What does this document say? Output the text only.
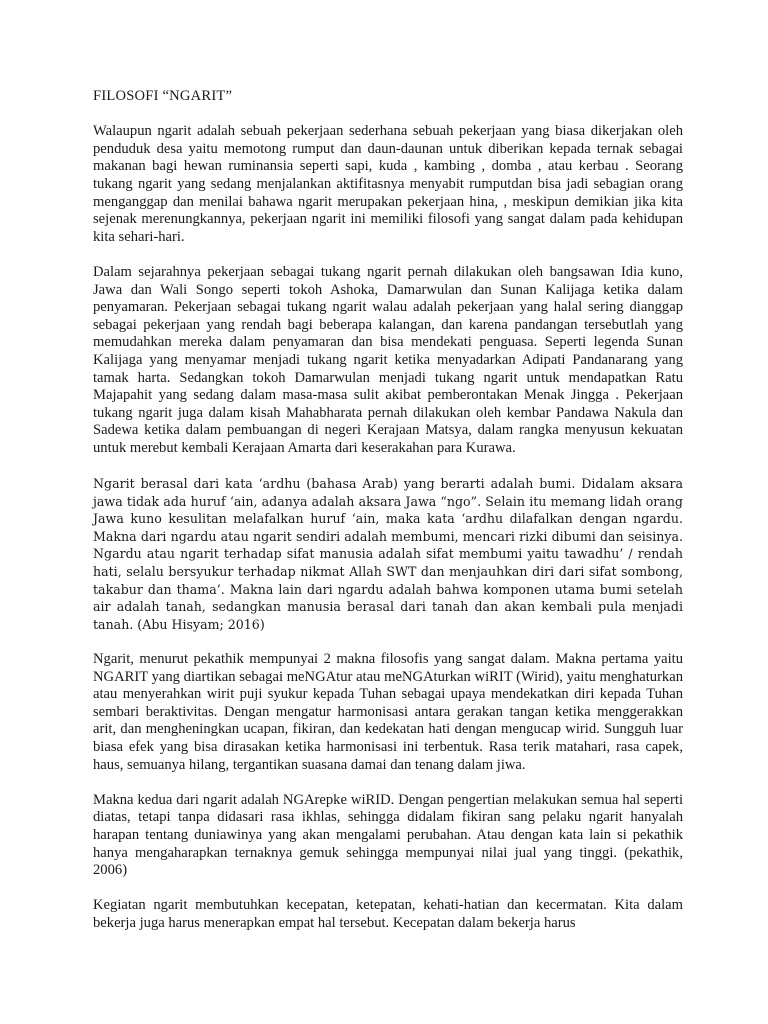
FILOSOFI “NGARIT”

Walaupun ngarit adalah sebuah pekerjaan sederhana sebuah pekerjaan yang biasa dikerjakan oleh penduduk desa yaitu memotong rumput dan daun-daunan untuk diberikan kepada ternak sebagai makanan bagi hewan ruminansia seperti sapi, kuda , kambing , domba , atau kerbau . Seorang tukang ngarit yang sedang menjalankan aktifitasnya menyabit rumputdan bisa jadi sebagian orang menganggap dan menilai bahawa ngarit merupakan pekerjaan hina, , meskipun demikian jika kita sejenak merenungkannya, pekerjaan ngarit ini memiliki filosofi yang sangat dalam pada kehidupan kita sehari-hari.

Dalam sejarahnya pekerjaan sebagai tukang ngarit pernah dilakukan oleh bangsawan Idia kuno, Jawa dan Wali Songo seperti tokoh Ashoka, Damarwulan dan Sunan Kalijaga ketika dalam penyamaran. Pekerjaan sebagai tukang ngarit walau adalah pekerjaan yang halal sering dianggap sebagai pekerjaan yang rendah bagi beberapa kalangan, dan karena pandangan tersebutlah yang memudahkan mereka dalam penyamaran dan bisa mendekati penguasa. Seperti legenda Sunan Kalijaga yang menyamar menjadi tukang ngarit ketika menyadarkan Adipati Pandanarang yang tamak harta. Sedangkan tokoh Damarwulan menjadi tukang ngarit untuk mendapatkan Ratu Majapahit yang sedang dalam masa-masa sulit akibat pemberontakan Menak Jingga . Pekerjaan tukang ngarit juga dalam kisah Mahabharata pernah dilakukan oleh kembar Pandawa Nakula dan Sadewa ketika dalam pembuangan di negeri Kerajaan Matsya, dalam rangka menyusun kekuatan untuk merebut kembali Kerajaan Amarta dari keserakahan para Kurawa.

Ngarit berasal dari kata ‘ardhu (bahasa Arab) yang berarti adalah bumi. Didalam aksara jawa tidak ada huruf ‘ain, adanya adalah aksara Jawa “ngo”. Selain itu memang lidah orang Jawa kuno kesulitan melafalkan huruf ‘ain, maka kata ‘ardhu dilafalkan dengan ngardu. Makna dari ngardu atau ngarit sendiri adalah membumi, mencari rizki dibumi dan seisinya. Ngardu atau ngarit terhadap sifat manusia adalah sifat membumi yaitu tawadhu’ / rendah hati, selalu bersyukur terhadap nikmat Allah SWT dan menjauhkan diri dari sifat sombong, takabur dan thama’. Makna lain dari ngardu adalah bahwa komponen utama bumi setelah air adalah tanah, sedangkan manusia berasal dari tanah dan akan kembali pula menjadi tanah. (Abu Hisyam; 2016)

Ngarit, menurut pekathik mempunyai 2 makna filosofis yang sangat dalam. Makna pertama yaitu NGARIT yang diartikan sebagai meNGAtur atau meNGAturkan wiRIT (Wirid), yaitu menghaturkan atau menyerahkan wirit puji syukur kepada Tuhan sebagai upaya mendekatkan diri kepada Tuhan sembari beraktivitas. Dengan mengatur harmonisasi antara gerakan tangan ketika menggerakkan arit, dan mengheningkan ucapan, fikiran, dan kedekatan hati dengan mengucap wirid. Sungguh luar biasa efek yang bisa dirasakan ketika harmonisasi ini terbentuk. Rasa terik matahari, rasa capek, haus, semuanya hilang, tergantikan suasana damai dan tenang dalam jiwa.

Makna kedua dari ngarit adalah NGArepke wiRID. Dengan pengertian melakukan semua hal seperti diatas, tetapi tanpa didasari rasa ikhlas, sehingga didalam fikiran sang pelaku ngarit hanyalah harapan tentang duniawinya yang akan mengalami perubahan. Atau dengan kata lain si pekathik hanya mengaharapkan ternaknya gemuk sehingga mempunyai nilai jual yang tinggi. (pekathik, 2006)

Kegiatan ngarit membutuhkan kecepatan, ketepatan, kehati-hatian dan kecermatan. Kita dalam bekerja juga harus menerapkan empat hal tersebut. Kecepatan dalam bekerja harus
